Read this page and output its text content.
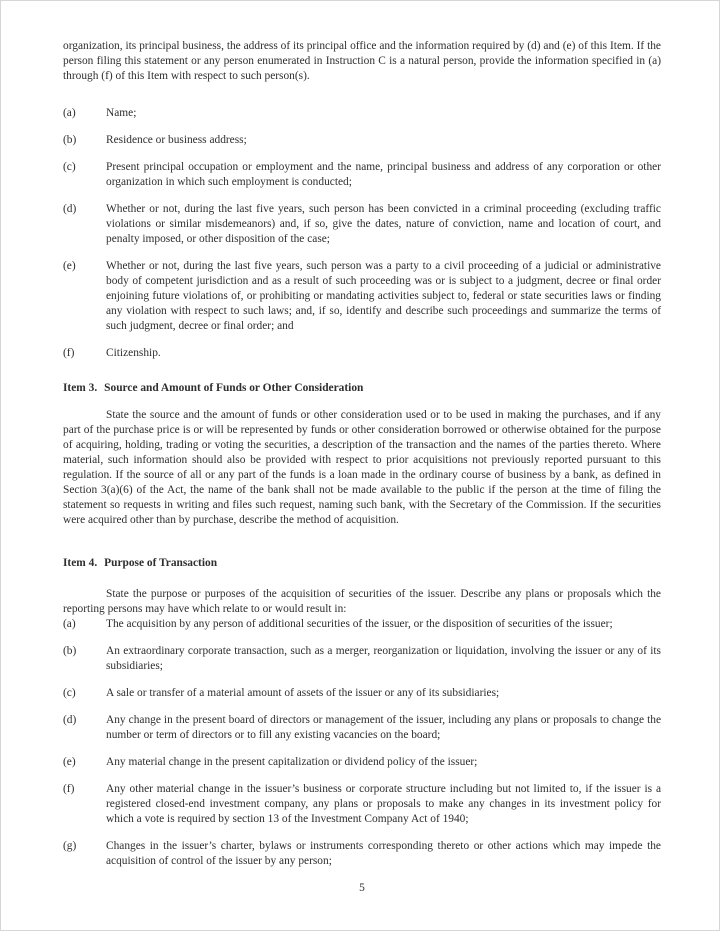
organization, its principal business, the address of its principal office and the information required by (d) and (e) of this Item. If the person filing this statement or any person enumerated in Instruction C is a natural person, provide the information specified in (a) through (f) of this Item with respect to such person(s).

(a)	Name;
(b)	Residence or business address;
(c)	Present principal occupation or employment and the name, principal business and address of any corporation or other organization in which such employment is conducted;
(d)	Whether or not, during the last five years, such person has been convicted in a criminal proceeding (excluding traffic violations or similar misdemeanors) and, if so, give the dates, nature of conviction, name and location of court, and penalty imposed, or other disposition of the case;
(e)	Whether or not, during the last five years, such person was a party to a civil proceeding of a judicial or administrative body of competent jurisdiction and as a result of such proceeding was or is subject to a judgment, decree or final order enjoining future violations of, or prohibiting or mandating activities subject to, federal or state securities laws or finding any violation with respect to such laws; and, if so, identify and describe such proceedings and summarize the terms of such judgment, decree or final order; and
(f)	Citizenship.
Item 3. Source and Amount of Funds or Other Consideration

State the source and the amount of funds or other consideration used or to be used in making the purchases, and if any part of the purchase price is or will be represented by funds or other consideration borrowed or otherwise obtained for the purpose of acquiring, holding, trading or voting the securities, a description of the transaction and the names of the parties thereto. Where material, such information should also be provided with respect to prior acquisitions not previously reported pursuant to this regulation. If the source of all or any part of the funds is a loan made in the ordinary course of business by a bank, as defined in Section 3(a)(6) of the Act, the name of the bank shall not be made available to the public if the person at the time of filing the statement so requests in writing and files such request, naming such bank, with the Secretary of the Commission. If the securities were acquired other than by purchase, describe the method of acquisition.

Item 4. Purpose of Transaction

State the purpose or purposes of the acquisition of securities of the issuer. Describe any plans or proposals which the reporting persons may have which relate to or would result in:

(a)	The acquisition by any person of additional securities of the issuer, or the disposition of securities of the issuer;
(b)	An extraordinary corporate transaction, such as a merger, reorganization or liquidation, involving the issuer or any of its subsidiaries;
(c)	A sale or transfer of a material amount of assets of the issuer or any of its subsidiaries;
(d)	Any change in the present board of directors or management of the issuer, including any plans or proposals to change the number or term of directors or to fill any existing vacancies on the board;
(e)	Any material change in the present capitalization or dividend policy of the issuer;
(f)	Any other material change in the issuer’s business or corporate structure including but not limited to, if the issuer is a registered closed-end investment company, any plans or proposals to make any changes in its investment policy for which a vote is required by section 13 of the Investment Company Act of 1940;
(g)	Changes in the issuer’s charter, bylaws or instruments corresponding thereto or other actions which may impede the acquisition of control of the issuer by any person;
5
